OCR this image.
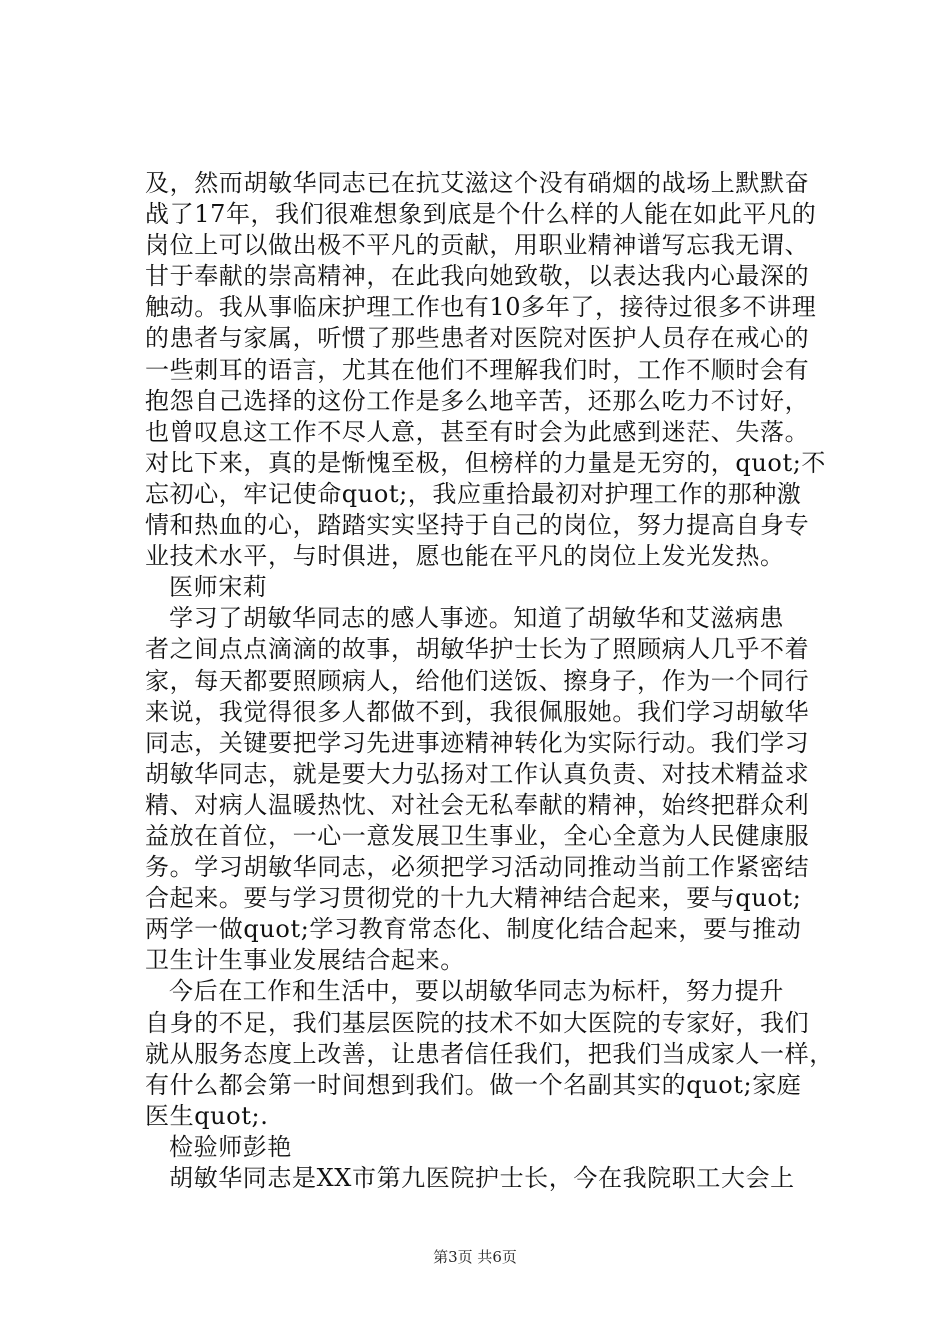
及，然而胡敏华同志已在抗艾滋这个没有硝烟的战场上默默奋
战了17年，我们很难想象到底是个什么样的人能在如此平凡的
岗位上可以做出极不平凡的贡献，用职业精神谱写忘我无谓、
甘于奉献的崇高精神，在此我向她致敬，以表达我内心最深的
触动。我从事临床护理工作也有10多年了，接待过很多不讲理
的患者与家属，听惯了那些患者对医院对医护人员存在戒心的
一些刺耳的语言，尤其在他们不理解我们时，工作不顺时会有
抱怨自己选择的这份工作是多么地辛苦，还那么吃力不讨好，
也曾叹息这工作不尽人意，甚至有时会为此感到迷茫、失落。
对比下来，真的是惭愧至极，但榜样的力量是无穷的，quot;不
忘初心，牢记使命quot;，我应重拾最初对护理工作的那种激
情和热血的心，踏踏实实坚持于自己的岗位，努力提高自身专
业技术水平，与时俱进，愿也能在平凡的岗位上发光发热。
医师宋莉
学习了胡敏华同志的感人事迹。知道了胡敏华和艾滋病患
者之间点点滴滴的故事，胡敏华护士长为了照顾病人几乎不着
家，每天都要照顾病人，给他们送饭、擦身子，作为一个同行
来说，我觉得很多人都做不到，我很佩服她。我们学习胡敏华
同志，关键要把学习先进事迹精神转化为实际行动。我们学习
胡敏华同志，就是要大力弘扬对工作认真负责、对技术精益求
精、对病人温暖热忱、对社会无私奉献的精神，始终把群众利
益放在首位，一心一意发展卫生事业，全心全意为人民健康服
务。学习胡敏华同志，必须把学习活动同推动当前工作紧密结
合起来。要与学习贯彻党的十九大精神结合起来，要与quot;
两学一做quot;学习教育常态化、制度化结合起来，要与推动
卫生计生事业发展结合起来。
今后在工作和生活中，要以胡敏华同志为标杆，努力提升
自身的不足，我们基层医院的技术不如大医院的专家好，我们
就从服务态度上改善，让患者信任我们，把我们当成家人一样，
有什么都会第一时间想到我们。做一个名副其实的quot;家庭
医生quot;.
检验师彭艳
胡敏华同志是XX市第九医院护士长，今在我院职工大会上
第3页 共6页
